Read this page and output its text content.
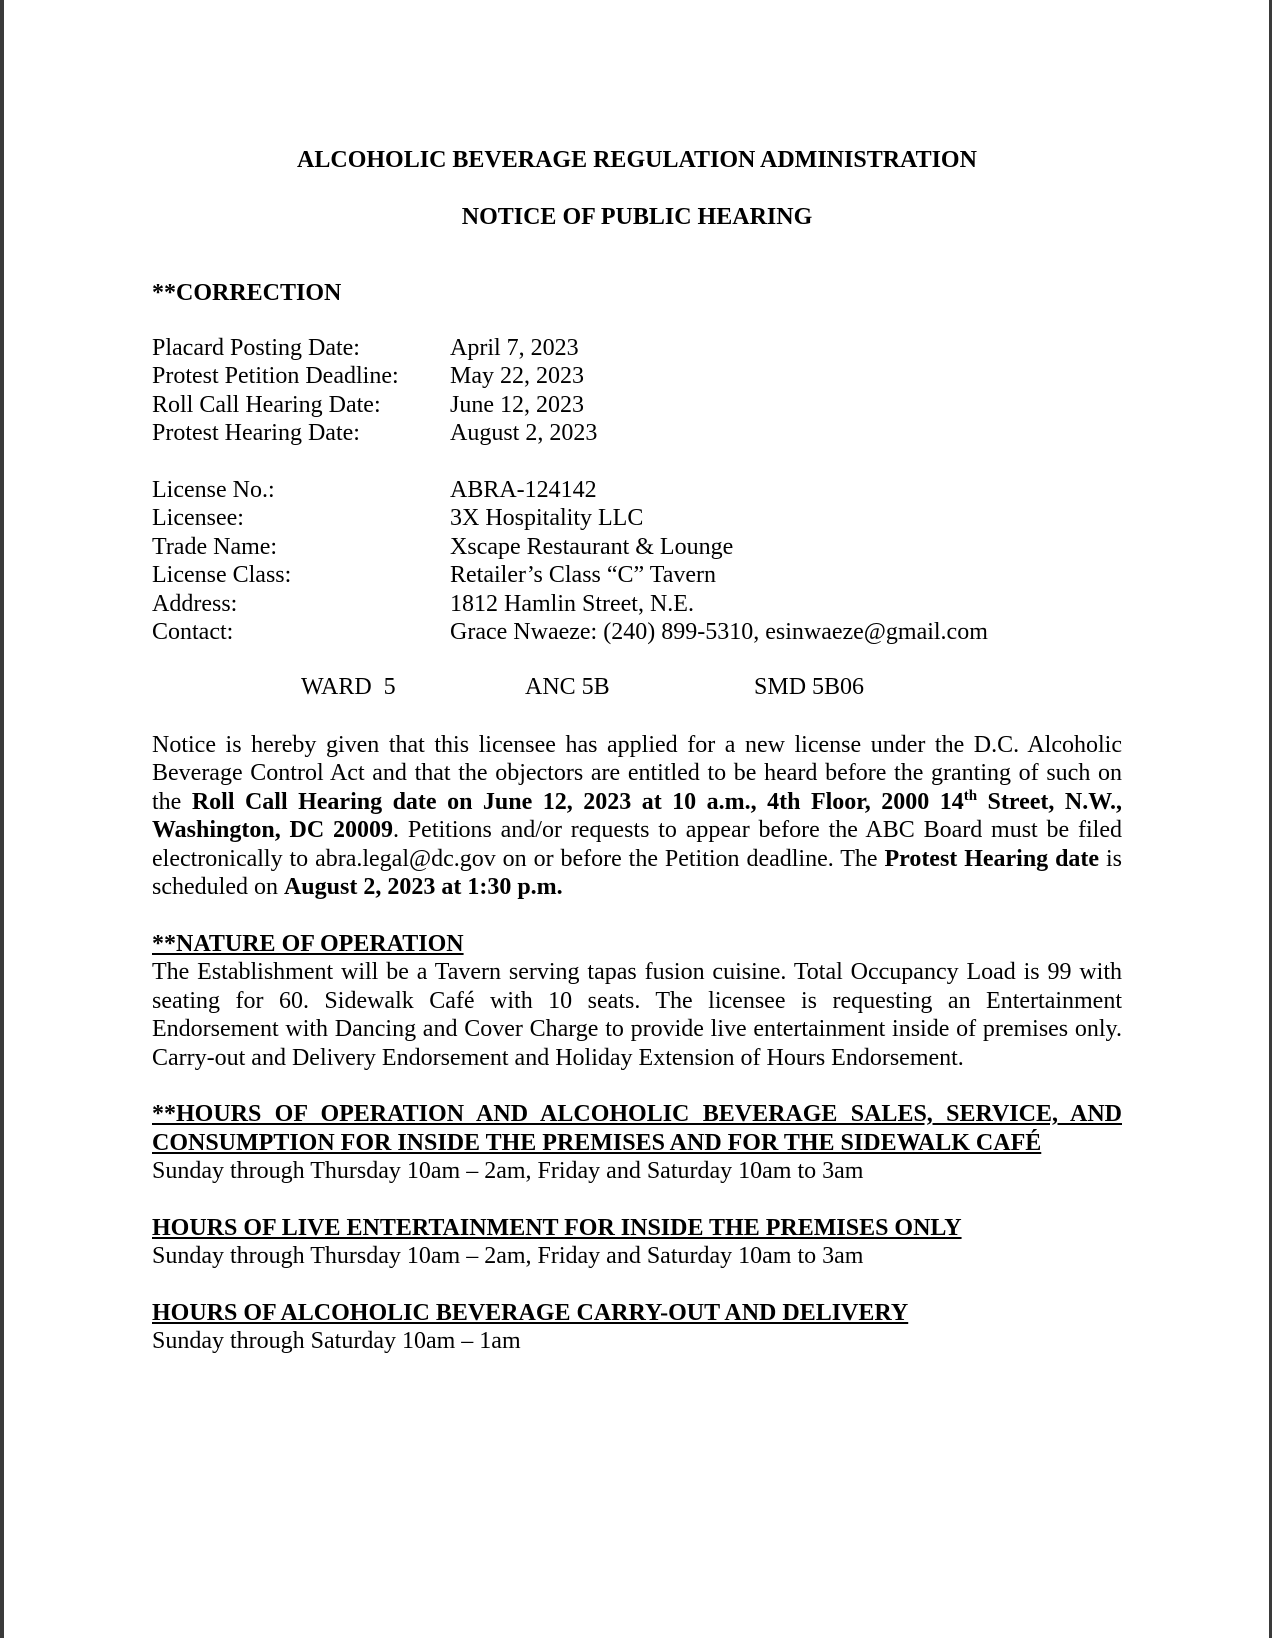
ALCOHOLIC BEVERAGE REGULATION ADMINISTRATION
NOTICE OF PUBLIC HEARING
**CORRECTION
Placard Posting Date:	April 7, 2023
Protest Petition Deadline:	May 22, 2023
Roll Call Hearing Date:	June 12, 2023
Protest Hearing Date:	August 2, 2023
License No.:	ABRA-124142
Licensee:	3X Hospitality LLC
Trade Name:	Xscape Restaurant & Lounge
License Class:	Retailer’s Class “C” Tavern
Address:	1812 Hamlin Street, N.E.
Contact:	Grace Nwaeze: (240) 899-5310, esinwaeze@gmail.com
WARD  5	ANC 5B	SMD 5B06
Notice is hereby given that this licensee has applied for a new license under the D.C. Alcoholic Beverage Control Act and that the objectors are entitled to be heard before the granting of such on the Roll Call Hearing date on June 12, 2023 at 10 a.m., 4th Floor, 2000 14th Street, N.W., Washington, DC 20009. Petitions and/or requests to appear before the ABC Board must be filed electronically to abra.legal@dc.gov on or before the Petition deadline. The Protest Hearing date is scheduled on August 2, 2023 at 1:30 p.m.
**NATURE OF OPERATION
The Establishment will be a Tavern serving tapas fusion cuisine. Total Occupancy Load is 99 with seating for 60. Sidewalk Café with 10 seats. The licensee is requesting an Entertainment Endorsement with Dancing and Cover Charge to provide live entertainment inside of premises only. Carry-out and Delivery Endorsement and Holiday Extension of Hours Endorsement.
**HOURS OF OPERATION AND ALCOHOLIC BEVERAGE SALES, SERVICE, AND CONSUMPTION FOR INSIDE THE PREMISES AND FOR THE SIDEWALK CAFÉ
Sunday through Thursday 10am – 2am, Friday and Saturday 10am to 3am
HOURS OF LIVE ENTERTAINMENT FOR INSIDE THE PREMISES ONLY
Sunday through Thursday 10am – 2am, Friday and Saturday 10am to 3am
HOURS OF ALCOHOLIC BEVERAGE CARRY-OUT AND DELIVERY
Sunday through Saturday 10am – 1am
